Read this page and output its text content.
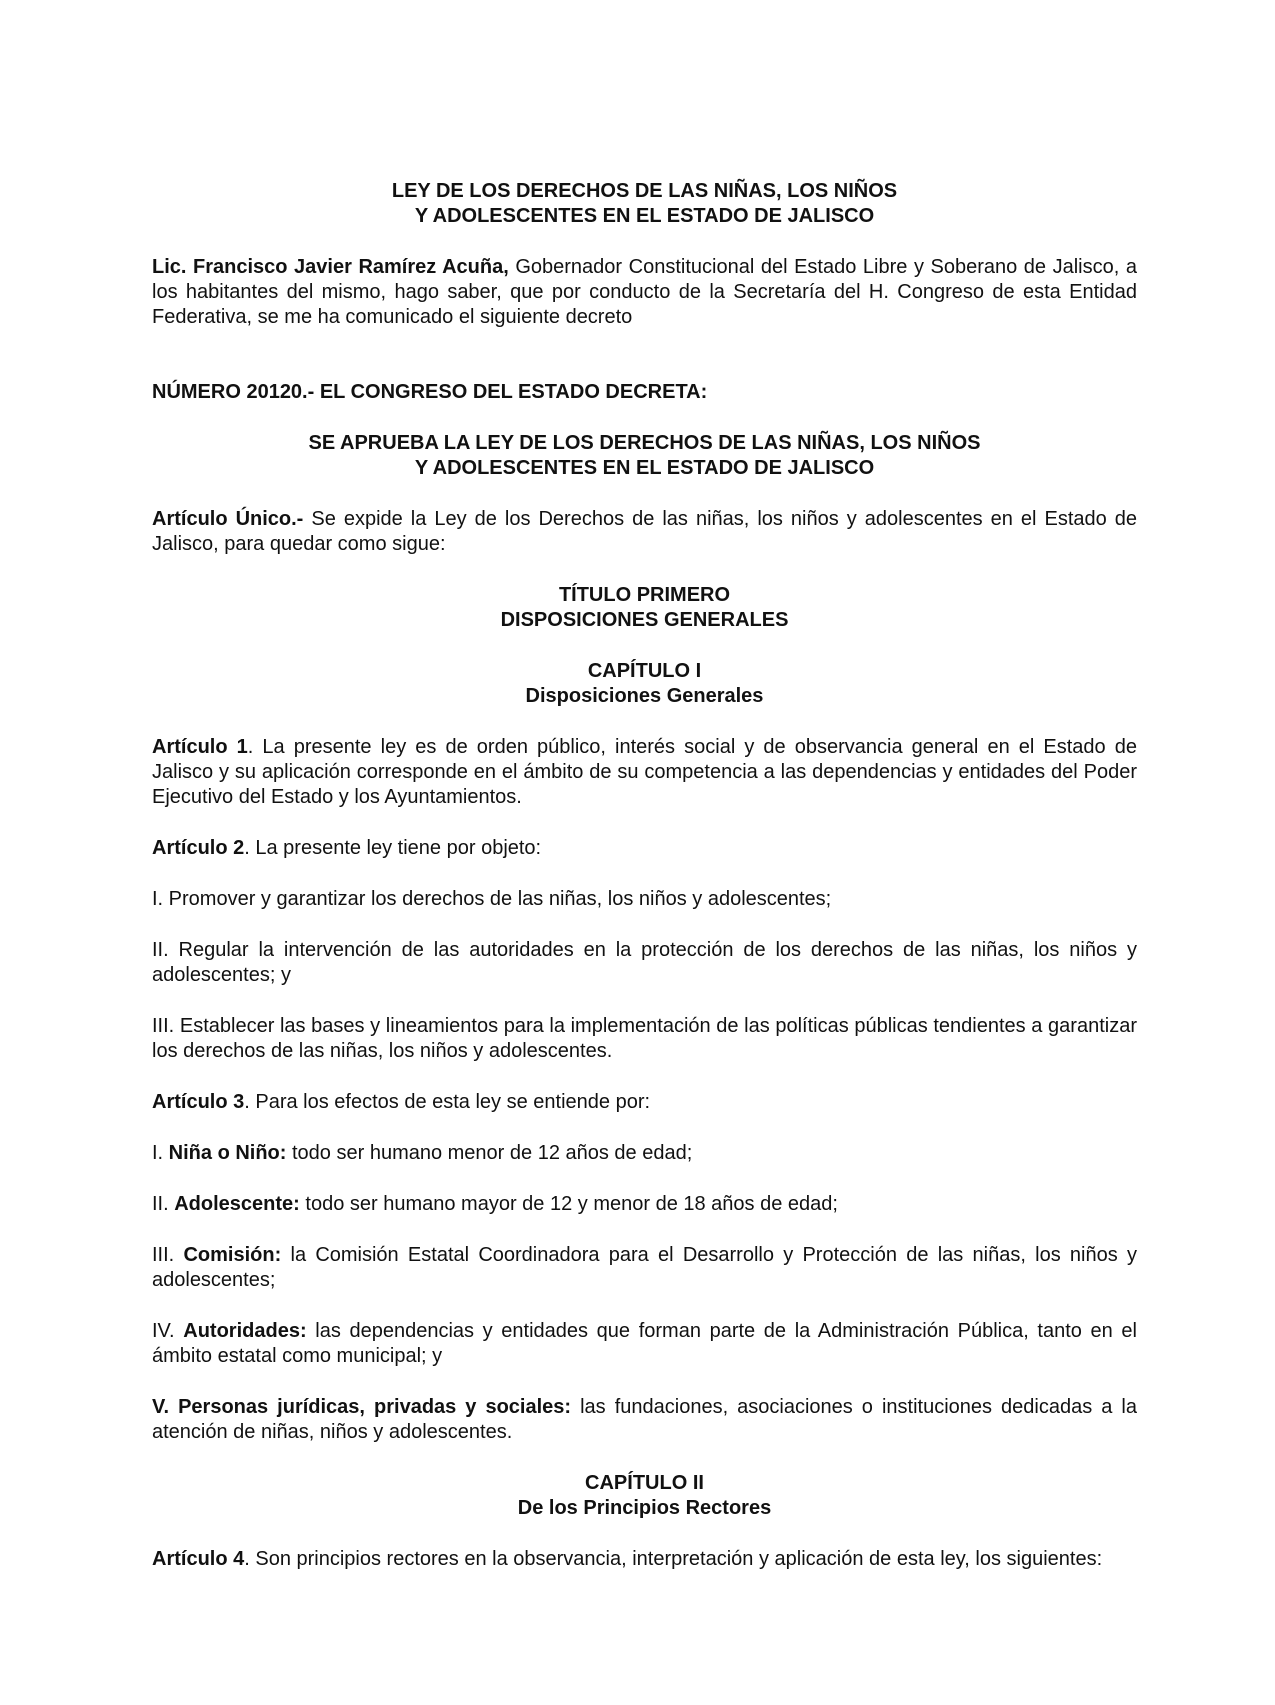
LEY DE LOS DERECHOS DE LAS NIÑAS, LOS NIÑOS
Y ADOLESCENTES EN EL ESTADO DE JALISCO

Lic. Francisco Javier Ramírez Acuña, Gobernador Constitucional del Estado Libre y Soberano de Jalisco, a los habitantes del mismo, hago saber, que por conducto de la Secretaría del H. Congreso de esta Entidad Federativa, se me ha comunicado el siguiente decreto

NÚMERO 20120.- EL CONGRESO DEL ESTADO DECRETA:

SE APRUEBA LA LEY DE LOS DERECHOS DE LAS NIÑAS, LOS NIÑOS
Y ADOLESCENTES EN EL ESTADO DE JALISCO

Artículo Único.- Se expide la Ley de los Derechos de las niñas, los niños y adolescentes en el Estado de Jalisco, para quedar como sigue:

TÍTULO PRIMERO
DISPOSICIONES GENERALES

CAPÍTULO I
Disposiciones Generales

Artículo 1. La presente ley es de orden público, interés social y de observancia general en el Estado de Jalisco y su aplicación corresponde en el ámbito de su competencia a las dependencias y entidades del Poder Ejecutivo del Estado y los Ayuntamientos.

Artículo 2. La presente ley tiene por objeto:

I. Promover y garantizar los derechos de las niñas, los niños y adolescentes;

II. Regular la intervención de las autoridades en la protección de los derechos de las niñas, los niños y adolescentes; y

III. Establecer las bases y lineamientos para la implementación de las políticas públicas tendientes a garantizar los derechos de las niñas, los niños y adolescentes.

Artículo 3. Para los efectos de esta ley se entiende por:

I. Niña o Niño: todo ser humano menor de 12 años de edad;

II. Adolescente: todo ser humano mayor de 12 y menor de 18 años de edad;

III. Comisión: la Comisión Estatal Coordinadora para el Desarrollo y Protección de las niñas, los niños y adolescentes;

IV. Autoridades: las dependencias y entidades que forman parte de la Administración Pública, tanto en el ámbito estatal como municipal; y

V. Personas jurídicas, privadas y sociales: las fundaciones, asociaciones o instituciones dedicadas a la atención de niñas, niños y adolescentes.

CAPÍTULO II
De los Principios Rectores

Artículo 4. Son principios rectores en la observancia, interpretación y aplicación de esta ley, los siguientes:
